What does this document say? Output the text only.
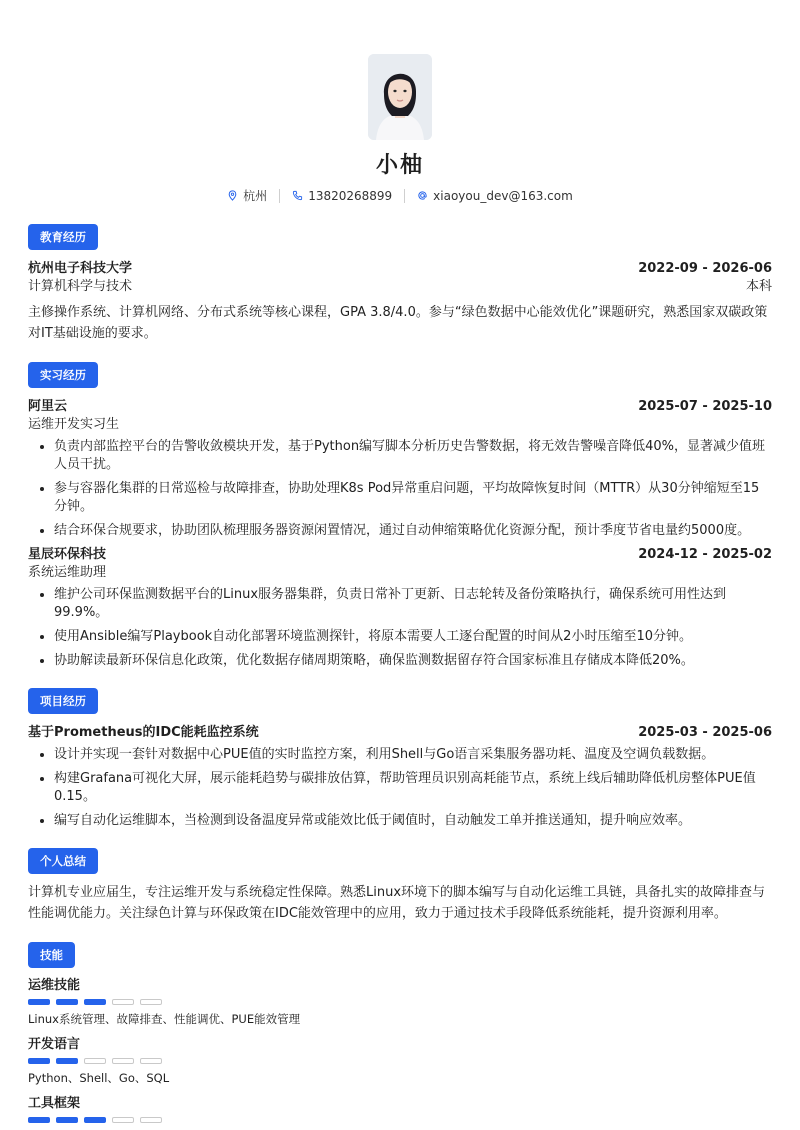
小柚
杭州	13820268899	xiaoyou_dev@163.com
教育经历
杭州电子科技大学	2022-09 - 2026-06
计算机科学与技术	本科
主修操作系统、计算机网络、分布式系统等核心课程，GPA 3.8/4.0。参与“绿色数据中心能效优化”课题研究，熟悉国家双碳政策对IT基础设施的要求。
实习经历
阿里云	2025-07 - 2025-10
运维开发实习生
• 负责内部监控平台的告警收敛模块开发，基于Python编写脚本分析历史告警数据，将无效告警噪音降低40%，显著减少值班人员干扰。
• 参与容器化集群的日常巡检与故障排查，协助处理K8s Pod异常重启问题，平均故障恢复时间（MTTR）从30分钟缩短至15分钟。
• 结合环保合规要求，协助团队梳理服务器资源闲置情况，通过自动伸缩策略优化资源分配，预计季度节省电量约5000度。
星辰环保科技	2024-12 - 2025-02
系统运维助理
• 维护公司环保监测数据平台的Linux服务器集群，负责日常补丁更新、日志轮转及备份策略执行，确保系统可用性达到99.9%。
• 使用Ansible编写Playbook自动化部署环境监测探针，将原本需要人工逐台配置的时间从2小时压缩至10分钟。
• 协助解读最新环保信息化政策，优化数据存储周期策略，确保监测数据留存符合国家标准且存储成本降低20%。
项目经历
基于Prometheus的IDC能耗监控系统	2025-03 - 2025-06
• 设计并实现一套针对数据中心PUE值的实时监控方案，利用Shell与Go语言采集服务器功耗、温度及空调负载数据。
• 构建Grafana可视化大屏，展示能耗趋势与碳排放估算，帮助管理员识别高耗能节点，系统上线后辅助降低机房整体PUE值0.15。
• 编写自动化运维脚本，当检测到设备温度异常或能效比低于阈值时，自动触发工单并推送通知，提升响应效率。
个人总结
计算机专业应届生，专注运维开发与系统稳定性保障。熟悉Linux环境下的脚本编写与自动化运维工具链，具备扎实的故障排查与性能调优能力。关注绿色计算与环保政策在IDC能效管理中的应用，致力于通过技术手段降低系统能耗，提升资源利用率。
技能
运维技能
Linux系统管理、故障排查、性能调优、PUE能效管理
开发语言
Python、Shell、Go、SQL
工具框架
